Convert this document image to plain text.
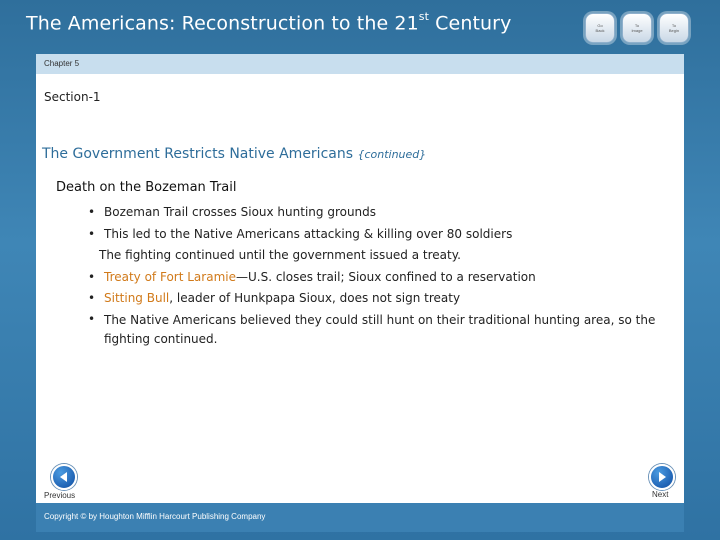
The Americans: Reconstruction to the 21st Century	Go
Back
To
Image
To
Begin
Chapter 5
Section-1
The Government Restricts Native Americans {continued}
Death on the Bozeman Trail
• Bozeman Trail crosses Sioux hunting grounds
• This led to the Native Americans attacking & killing over 80 soldiers
The fighting continued until the government issued a treaty.
• Treaty of Fort Laramie—U.S. closes trail; Sioux confined to a reservation
• Sitting Bull, leader of Hunkpapa Sioux, does not sign treaty
• The Native Americans believed they could still hunt on their traditional hunting area, so the fighting continued.
Previous	Next
Copyright © by Houghton Mifflin Harcourt Publishing Company
